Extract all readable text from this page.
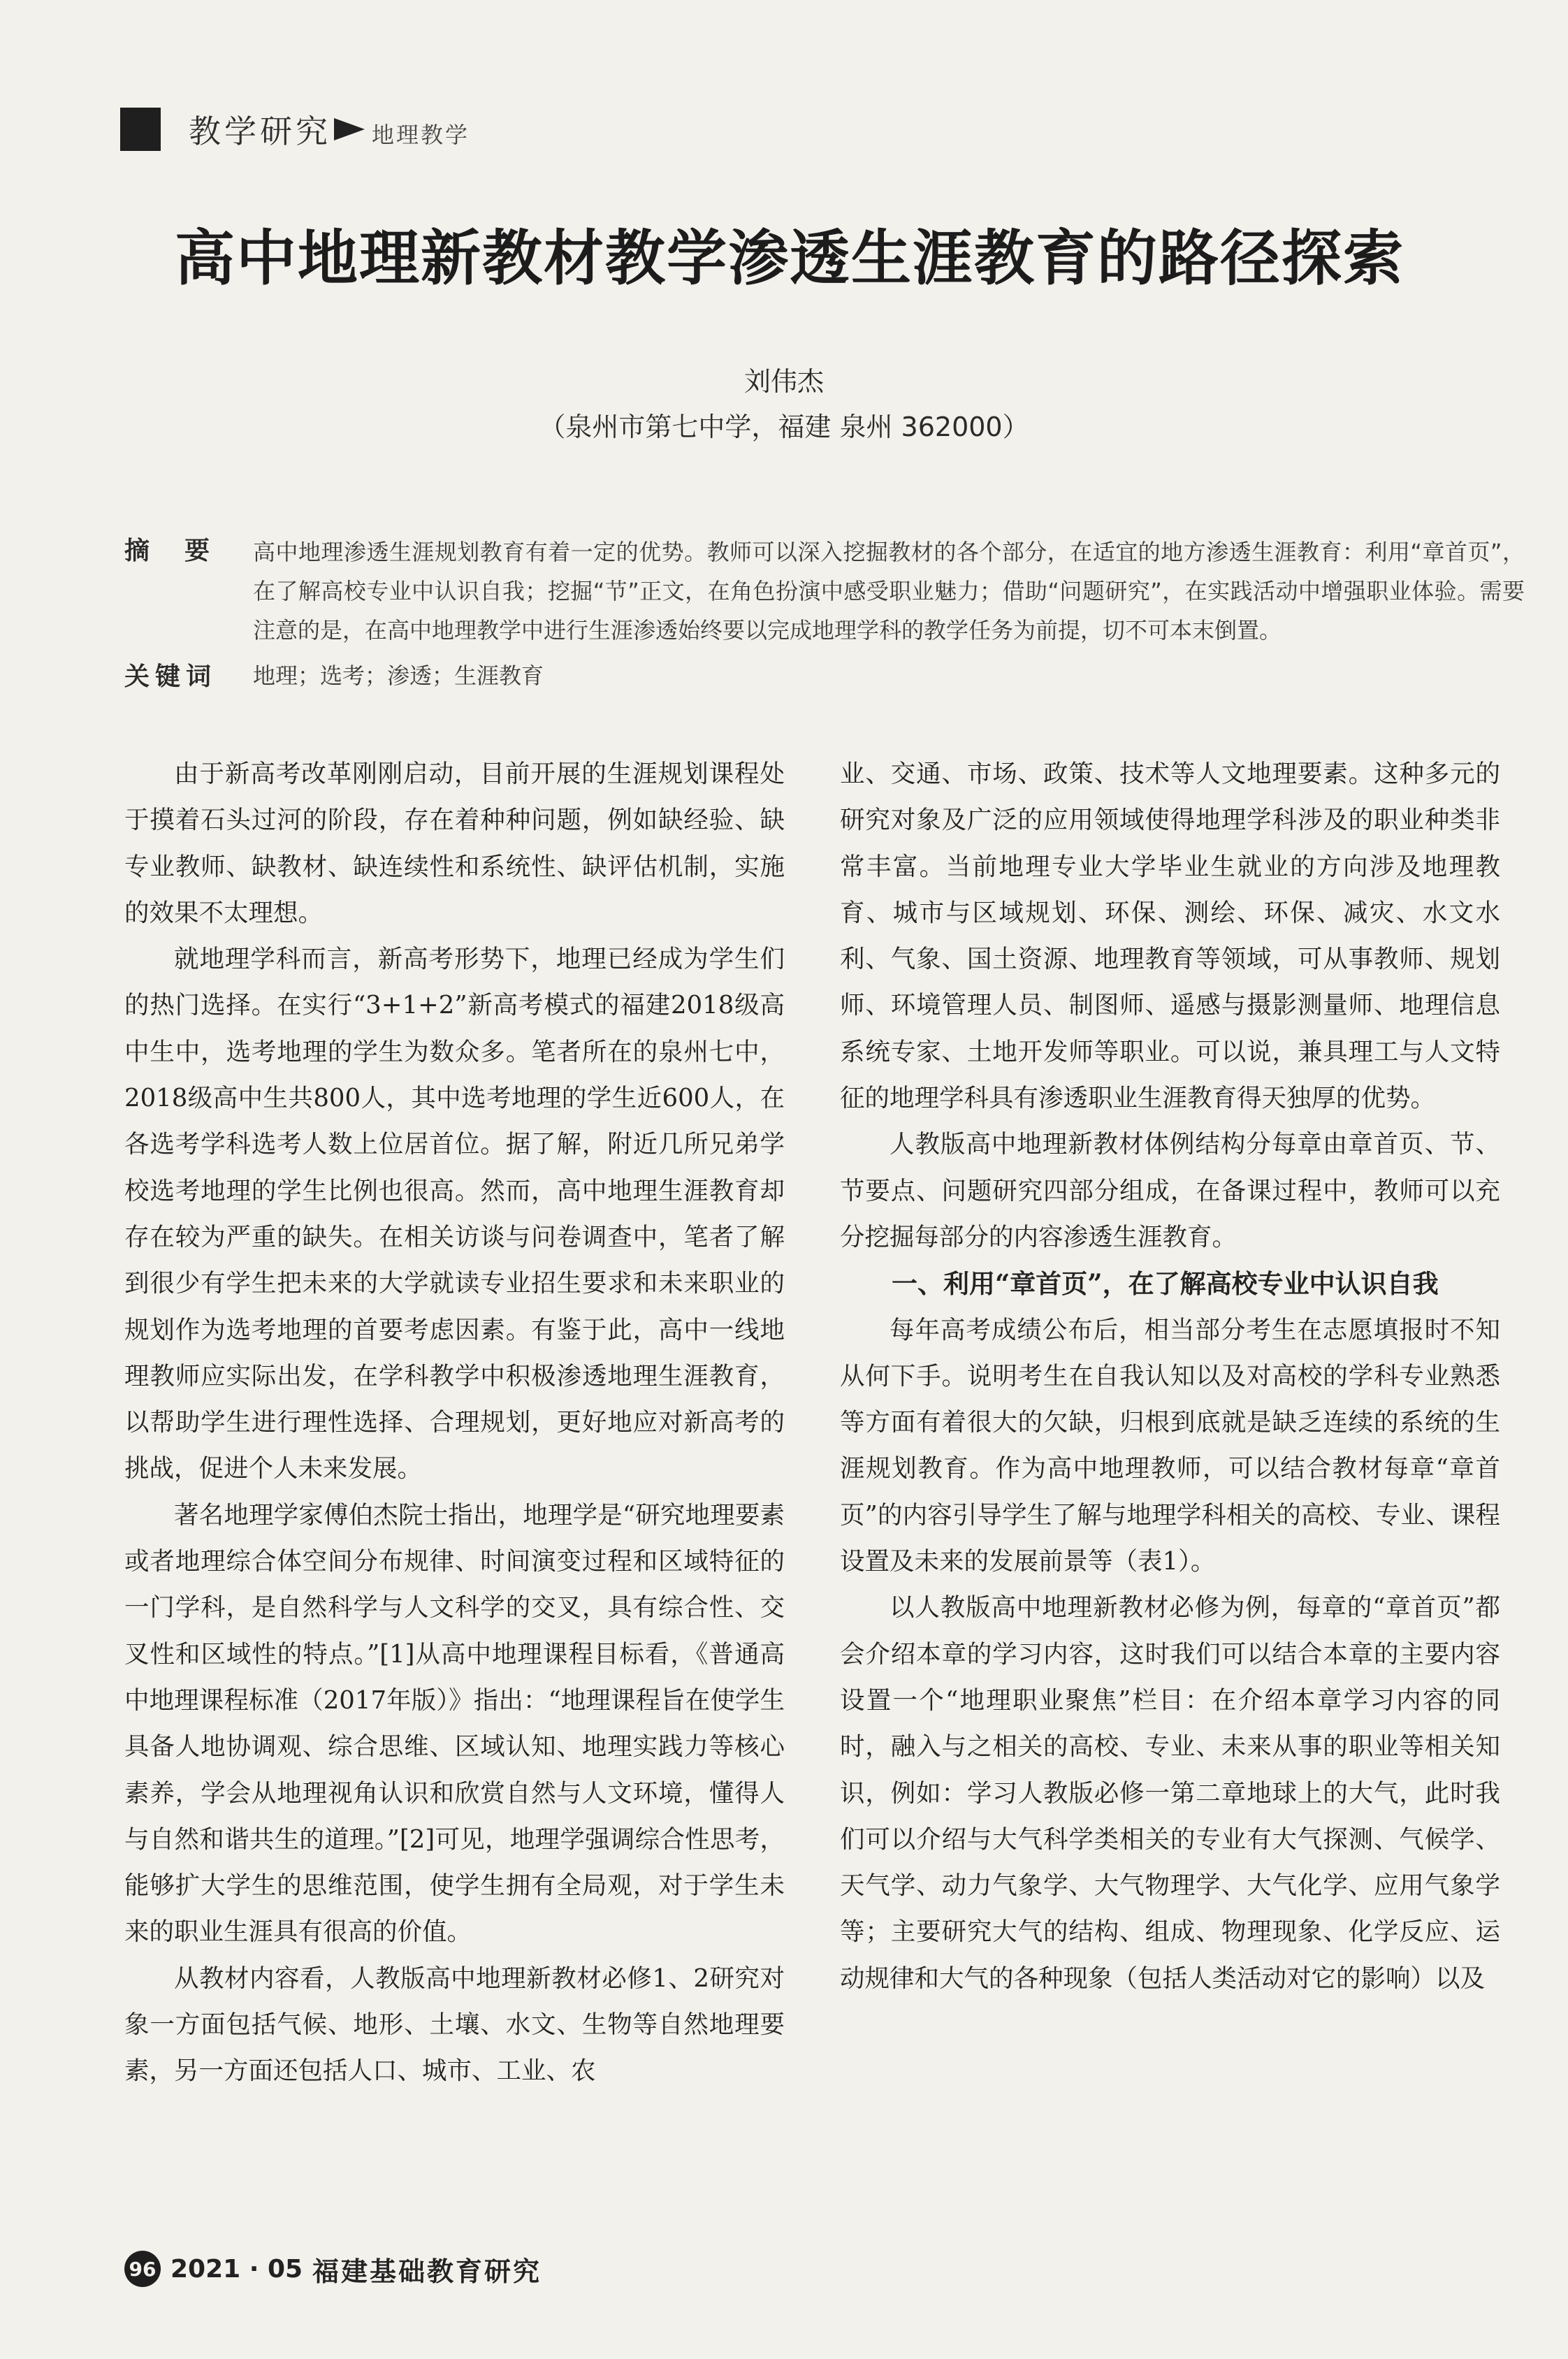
教学研究 地理教学
高中地理新教材教学渗透生涯教育的路径探索
刘伟杰
（泉州市第七中学，福建 泉州 362000）
摘要 高中地理渗透生涯规划教育有着一定的优势。教师可以深入挖掘教材的各个部分，在适宜的地方渗透生涯教育：利用“章首页”，在了解高校专业中认识自我；挖掘“节”正文，在角色扮演中感受职业魅力；借助“问题研究”，在实践活动中增强职业体验。需要注意的是，在高中地理教学中进行生涯渗透始终要以完成地理学科的教学任务为前提，切不可本末倒置。
关键词 地理；选考；渗透；生涯教育

由于新高考改革刚刚启动，目前开展的生涯规划课程处于摸着石头过河的阶段，存在着种种问题，例如缺经验、缺专业教师、缺教材、缺连续性和系统性、缺评估机制，实施的效果不太理想。

就地理学科而言，新高考形势下，地理已经成为学生们的热门选择。在实行“3+1+2”新高考模式的福建2018级高中生中，选考地理的学生为数众多。笔者所在的泉州七中，2018级高中生共800人，其中选考地理的学生近600人，在各选考学科选考人数上位居首位。据了解，附近几所兄弟学校选考地理的学生比例也很高。然而，高中地理生涯教育却存在较为严重的缺失。在相关访谈与问卷调查中，笔者了解到很少有学生把未来的大学就读专业招生要求和未来职业的规划作为选考地理的首要考虑因素。有鉴于此，高中一线地理教师应实际出发，在学科教学中积极渗透地理生涯教育，以帮助学生进行理性选择、合理规划，更好地应对新高考的挑战，促进个人未来发展。

著名地理学家傅伯杰院士指出，地理学是“研究地理要素或者地理综合体空间分布规律、时间演变过程和区域特征的一门学科，是自然科学与人文科学的交叉，具有综合性、交叉性和区域性的特点。”[1]从高中地理课程目标看，《普通高中地理课程标准（2017年版）》指出：“地理课程旨在使学生具备人地协调观、综合思维、区域认知、地理实践力等核心素养，学会从地理视角认识和欣赏自然与人文环境，懂得人与自然和谐共生的道理。”[2]可见，地理学强调综合性思考，能够扩大学生的思维范围，使学生拥有全局观，对于学生未来的职业生涯具有很高的价值。

从教材内容看，人教版高中地理新教材必修1、2研究对象一方面包括气候、地形、土壤、水文、生物等自然地理要素，另一方面还包括人口、城市、工业、农

业、交通、市场、政策、技术等人文地理要素。这种多元的研究对象及广泛的应用领域使得地理学科涉及的职业种类非常丰富。当前地理专业大学毕业生就业的方向涉及地理教育、城市与区域规划、环保、测绘、环保、减灾、水文水利、气象、国土资源、地理教育等领域，可从事教师、规划师、环境管理人员、制图师、遥感与摄影测量师、地理信息系统专家、土地开发师等职业。可以说，兼具理工与人文特征的地理学科具有渗透职业生涯教育得天独厚的优势。

人教版高中地理新教材体例结构分每章由章首页、节、节要点、问题研究四部分组成，在备课过程中，教师可以充分挖掘每部分的内容渗透生涯教育。

一、利用“章首页”，在了解高校专业中认识自我

每年高考成绩公布后，相当部分考生在志愿填报时不知从何下手。说明考生在自我认知以及对高校的学科专业熟悉等方面有着很大的欠缺，归根到底就是缺乏连续的系统的生涯规划教育。作为高中地理教师，可以结合教材每章“章首页”的内容引导学生了解与地理学科相关的高校、专业、课程设置及未来的发展前景等（表1）。

以人教版高中地理新教材必修为例，每章的“章首页”都会介绍本章的学习内容，这时我们可以结合本章的主要内容设置一个“地理职业聚焦”栏目：在介绍本章学习内容的同时，融入与之相关的高校、专业、未来从事的职业等相关知识，例如：学习人教版必修一第二章地球上的大气，此时我们可以介绍与大气科学类相关的专业有大气探测、气候学、天气学、动力气象学、大气物理学、大气化学、应用气象学等；主要研究大气的结构、组成、物理现象、化学反应、运动规律和大气的各种现象（包括人类活动对它的影响）以及

96 2021 · 05 福建基础教育研究
